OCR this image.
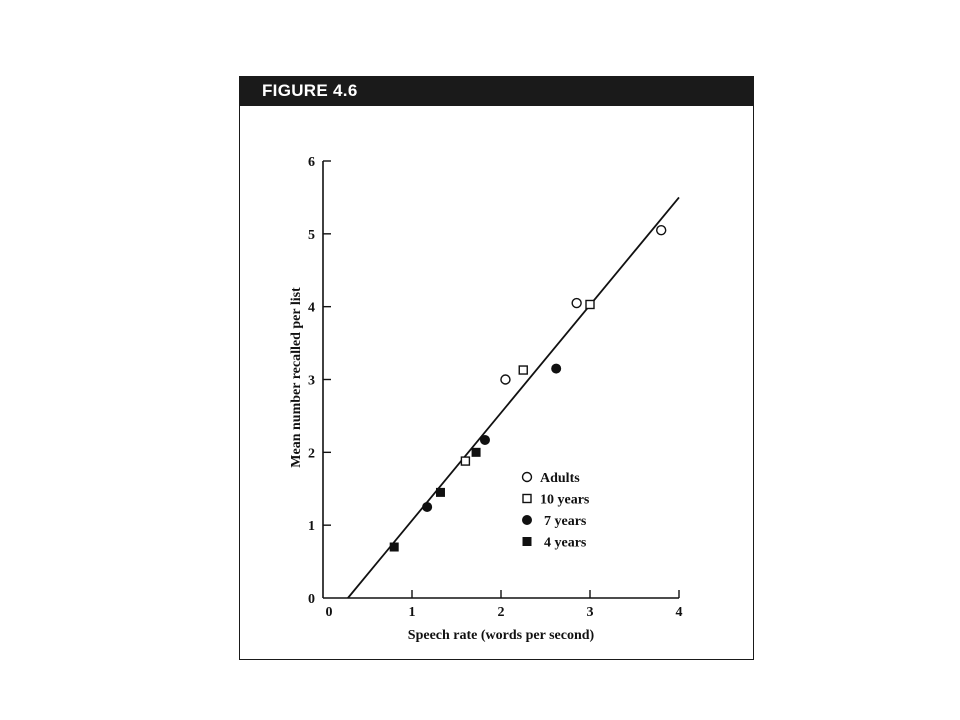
FIGURE 4.6
0
1
2
3
4
5
6
0	1	2	3	4
Adults
10 years
7 years
4 years
Speech rate (words per second)
Mean number recalled per list
